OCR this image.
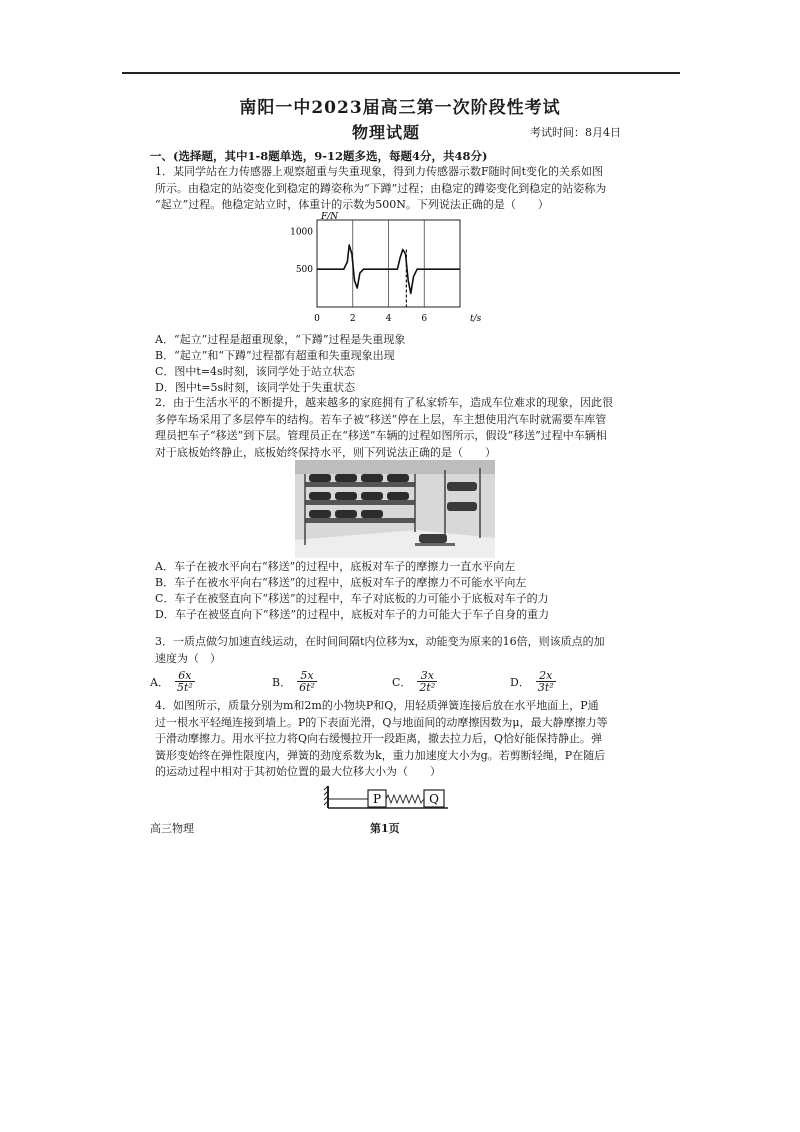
南阳一中2023届高三第一次阶段性考试
物理试题	考试时间：8月4日
一、(选择题，其中1-8题单选，9-12题多选，每题4分，共48分)
1．某同学站在力传感器上观察超重与失重现象，得到力传感器示数F随时间t变化的关系如图
所示。由稳定的站姿变化到稳定的蹲姿称为“下蹲”过程；由稳定的蹲姿变化到稳定的站姿称为
“起立”过程。他稳定站立时，体重计的示数为500N。下列说法正确的是（　　）
F/N
1000
500
0	2	4	6	t/s
A．“起立”过程是超重现象，“下蹲”过程是失重现象
B．“起立”和“下蹲”过程都有超重和失重现象出现
C．图中t=4s时刻，该同学处于站立状态
D．图中t=5s时刻，该同学处于失重状态
2．由于生活水平的不断提升，越来越多的家庭拥有了私家轿车，造成车位难求的现象，因此很
多停车场采用了多层停车的结构。若车子被“移送”停在上层，车主想使用汽车时就需要车库管
理员把车子“移送”到下层。管理员正在“移送”车辆的过程如图所示，假设“移送”过程中车辆相
对于底板始终静止，底板始终保持水平，则下列说法正确的是（　　）
A．车子在被水平向右“移送”的过程中，底板对车子的摩擦力一直水平向左
B．车子在被水平向右“移送”的过程中，底板对车子的摩擦力不可能水平向左
C．车子在被竖直向下“移送”的过程中，车子对底板的力可能小于底板对车子的力
D．车子在被竖直向下“移送”的过程中，底板对车子的力可能大于车子自身的重力
3．一质点做匀加速直线运动，在时间间隔t内位移为x，动能变为原来的16倍，则该质点的加
速度为（　）
A． $\frac{6x}{\text{5t²}}$	B． $\frac{5x}{\text{6t²}}$	C． $\frac{3x}{\text{2t²}}$	D． $\frac{2x}{\text{3t²}}$
4．如图所示，质量分别为m和2m的小物块P和Q，用轻质弹簧连接后放在水平地面上，P通
过一根水平轻绳连接到墙上。P的下表面光滑，Q与地面间的动摩擦因数为μ，最大静摩擦力等
于滑动摩擦力。用水平拉力将Q向右缓慢拉开一段距离，撤去拉力后，Q恰好能保持静止。弹
簧形变始终在弹性限度内，弹簧的劲度系数为k，重力加速度大小为g。若剪断轻绳，P在随后
的运动过程中相对于其初始位置的最大位移大小为（　　）
P	Q
高三物理	第1页
